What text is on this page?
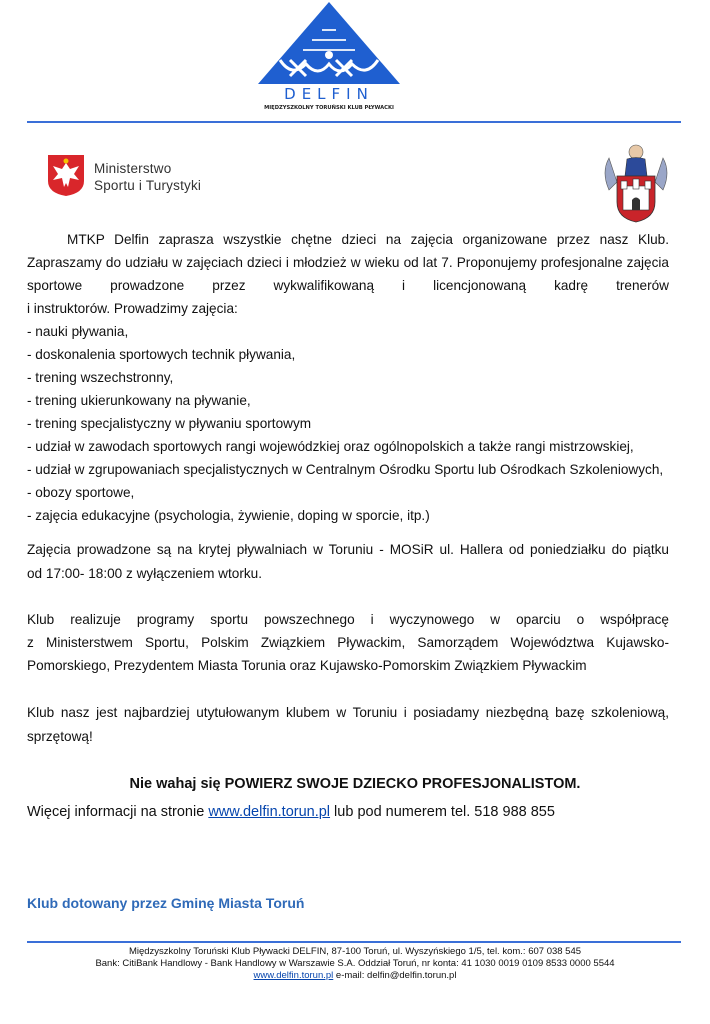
DELFIN
MIĘDZYSZKOLNY TORUŃSKI KLUB PŁYWACKI
Ministerstwo
Sportu i Turystyki
MTKP Delfin zaprasza wszystkie chętne dzieci na zajęcia organizowane przez nasz Klub.
Zapraszamy do udziału w zajęciach dzieci i młodzież w wieku od lat 7. Proponujemy profesjonalne zajęcia
sportowe prowadzone przez wykwalifikowaną i licencjonowaną kadrę trenerów
i instruktorów. Prowadzimy zajęcia:
- nauki pływania,
- doskonalenia sportowych technik pływania,
- trening wszechstronny,
- trening ukierunkowany na pływanie,
- trening specjalistyczny w pływaniu sportowym
- udział w zawodach sportowych rangi wojewódzkiej oraz ogólnopolskich a także rangi mistrzowskiej,
- udział w zgrupowaniach specjalistycznych w Centralnym Ośrodku Sportu lub Ośrodkach Szkoleniowych,
- obozy sportowe,
- zajęcia edukacyjne (psychologia, żywienie, doping w sporcie, itp.)
Zajęcia prowadzone są na krytej pływalniach w Toruniu - MOSiR ul. Hallera od poniedziałku do piątku
od 17:00- 18:00 z wyłączeniem wtorku.
Klub realizuje programy sportu powszechnego i wyczynowego w oparciu o współpracę
z Ministerstwem Sportu, Polskim Związkiem Pływackim, Samorządem Województwa Kujawsko-
Pomorskiego, Prezydentem Miasta Torunia oraz Kujawsko-Pomorskim Związkiem Pływackim
Klub nasz jest najbardziej utytułowanym klubem w Toruniu i posiadamy niezbędną bazę szkoleniową,
sprzętową!
Nie wahaj się POWIERZ SWOJE DZIECKO PROFESJONALISTOM.
Więcej informacji na stronie www.delfin.torun.pl lub pod numerem tel. 518 988 855
Klub dotowany przez Gminę Miasta Toruń
Międzyszkolny Toruński Klub Pływacki DELFIN, 87-100 Toruń, ul. Wyszyńskiego 1/5, tel. kom.: 607 038 545
Bank: CitiBank Handlowy - Bank Handlowy w Warszawie S.A. Oddział Toruń, nr konta: 41 1030 0019 0109 8533 0000 5544
www.delfin.torun.pl e-mail: delfin@delfin.torun.pl
